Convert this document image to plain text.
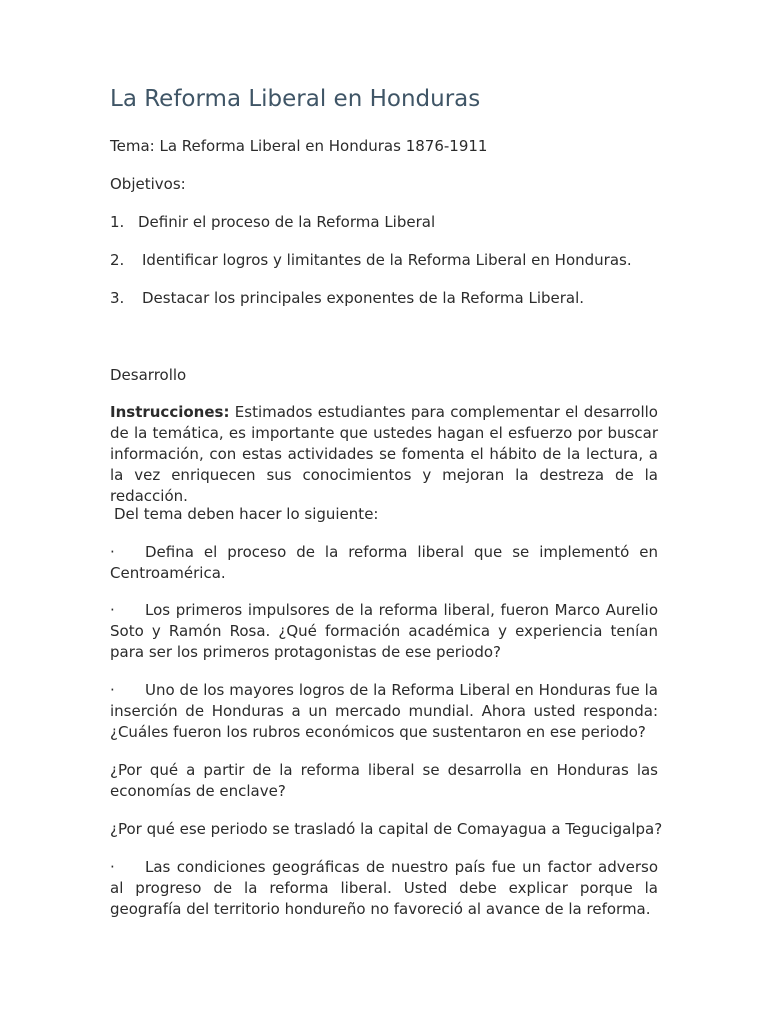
La Reforma Liberal en Honduras

Tema: La Reforma Liberal en Honduras 1876-1911

Objetivos:

1. Definir el proceso de la Reforma Liberal

2. Identificar logros y limitantes de la Reforma Liberal en Honduras.

3. Destacar los principales exponentes de la Reforma Liberal.

Desarrollo

Instrucciones: Estimados estudiantes para complementar el desarrollo de la temática, es importante que ustedes hagan el esfuerzo por buscar información, con estas actividades se fomenta el hábito de la lectura, a la vez enriquecen sus conocimientos y mejoran la destreza de la redacción.

Del tema deben hacer lo siguiente:

· Defina el proceso de la reforma liberal que se implementó en Centroamérica.

· Los primeros impulsores de la reforma liberal, fueron Marco Aurelio Soto y Ramón Rosa. ¿Qué formación académica y experiencia tenían para ser los primeros protagonistas de ese periodo?

· Uno de los mayores logros de la Reforma Liberal en Honduras fue la inserción de Honduras a un mercado mundial. Ahora usted responda: ¿Cuáles fueron los rubros económicos que sustentaron en ese periodo?

¿Por qué a partir de la reforma liberal se desarrolla en Honduras las economías de enclave?

¿Por qué ese periodo se trasladó la capital de Comayagua a Tegucigalpa?

· Las condiciones geográficas de nuestro país fue un factor adverso al progreso de la reforma liberal. Usted debe explicar porque la geografía del territorio hondureño no favoreció al avance de la reforma.
